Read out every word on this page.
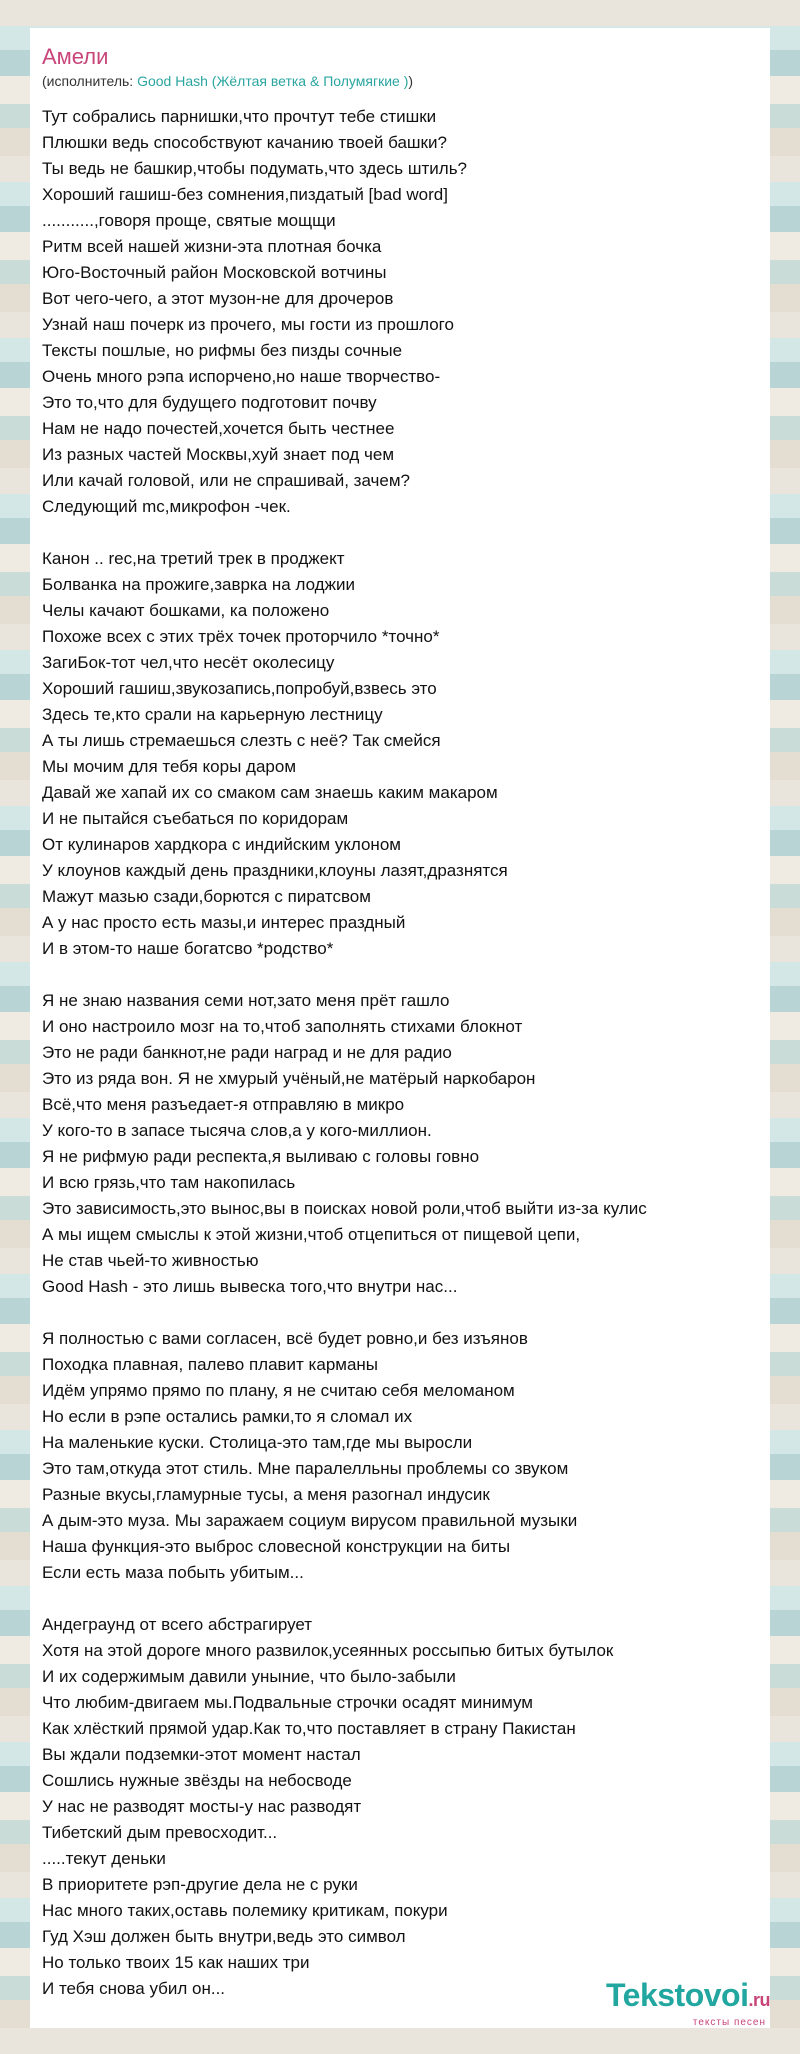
Амели
(исполнитель: Good Hash (Жёлтая ветка & Полумягкие ))
Тут собрались парнишки,что прочтут тебе стишки
Плюшки ведь способствуют качанию твоей башки?
Ты ведь не башкир,чтобы подумать,что здесь штиль?
Хороший гашиш-без сомнения,пиздатый [bad word]
...........,говоря проще, святые мощщи
Ритм всей нашей жизни-эта плотная бочка
Юго-Восточный район Московской вотчины
Вот чего-чего, а этот музон-не для дрочеров
Узнай наш почерк из прочего, мы гости из прошлого
Тексты пошлые, но рифмы без пизды сочные
Очень много рэпа испорчено,но наше творчество-
Это то,что для будущего подготовит почву
Нам не надо почестей,хочется быть честнее
Из разных частей Москвы,хуй знает под чем
Или качай головой, или не спрашивай, зачем?
Следующий mc,микрофон -чек.
Канон .. rec,на третий трек в проджект
Болванка на прожиге,заврка на лоджии
Челы качают бошками, ка положено
Похоже всех с этих трёх точек проторчило *точно*
ЗагиБок-тот чел,что несёт околесицу
Хороший гашиш,звукозапись,попробуй,взвесь это
Здесь те,кто срали на карьерную лестницу
А ты лишь стремаешься слезть с неё? Так смейся
Мы мочим для тебя коры даром
Давай же хапай их со смаком сам знаешь каким макаром
И не пытайся съебаться по коридорам
От кулинаров хардкора с индийским уклоном
У клоунов каждый день праздники,клоуны лазят,дразнятся
Мажут мазью сзади,борются с пиратсвом
А у нас просто есть мазы,и интерес праздный
И в этом-то наше богатсво *родство*
Я не знаю названия семи нот,зато меня прёт гашло
И оно настроило мозг на то,чтоб заполнять стихами блокнот
Это не ради банкнот,не ради наград и не для радио
Это из ряда вон. Я не хмурый учёный,не матёрый наркобарон
Всё,что меня разъедает-я отправляю в микро
У кого-то в запасе тысяча слов,а у кого-миллион.
Я не рифмую ради респекта,я выливаю с головы говно
И всю грязь,что там накопилась
Это зависимость,это вынос,вы в поисках новой роли,чтоб выйти из-за кулис
А мы ищем смыслы к этой жизни,чтоб отцепиться от пищевой цепи,
Не став чьей-то живностью
Good Hash - это лишь вывеска того,что внутри нас...
Я полностью с вами согласен, всё будет ровно,и без изъянов
Походка плавная, палево плавит карманы
Идём упрямо прямо по плану, я не считаю себя меломаном
Но если в рэпе остались рамки,то я сломал их
На маленькие куски. Столица-это там,где мы выросли
Это там,откуда этот стиль. Мне паралелльны проблемы со звуком
Разные вкусы,гламурные тусы, а меня разогнал индусик
А дым-это муза. Мы заражаем социум вирусом правильной музыки
Наша функция-это выброс словесной конструкции на биты
Если есть маза побыть убитым...
Андеграунд от всего абстрагирует
Хотя на этой дороге много развилок,усеянных россыпью битых бутылок
И их содержимым давили уныние, что было-забыли
Что любим-двигаем мы.Подвальные строчки осадят минимум
Как хлёсткий прямой удар.Как то,что поставляет в страну Пакистан
Вы ждали подземки-этот момент настал
Сошлись нужные звёзды на небосводе
У нас не разводят мосты-у нас разводят
Тибетский дым превосходит...
.....текут деньки
В приоритете рэп-другие дела не с руки
Нас много таких,оставь полемику критикам, покури
Гуд Хэш должен быть внутри,ведь это символ
Но только твоих 15 как наших три
И тебя снова убил он...	Tekstovoi.ru
тексты песен
